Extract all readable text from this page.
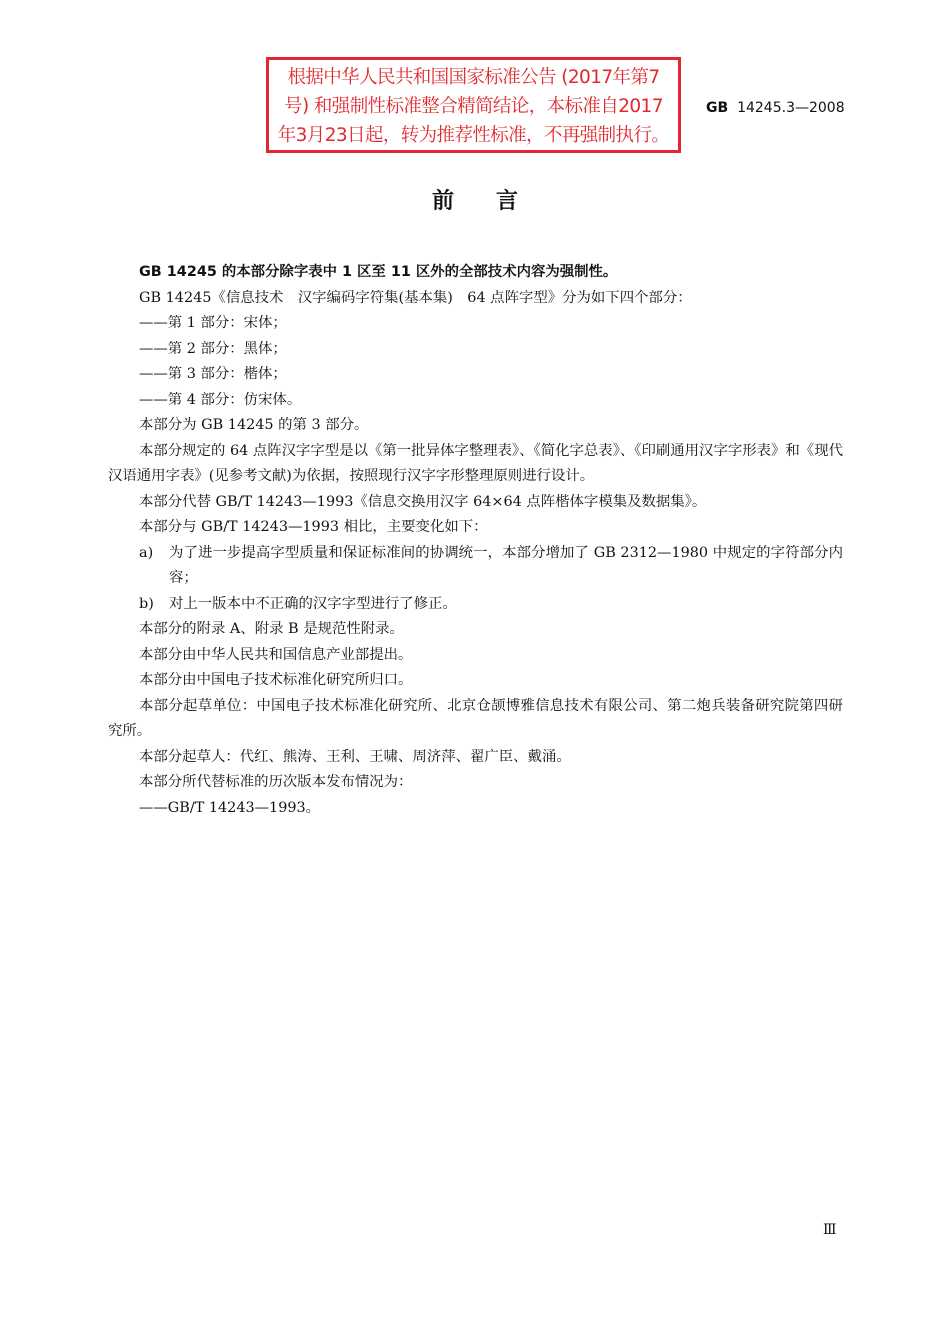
根据中华人民共和国国家标准公告 (2017年第7
号) 和强制性标准整合精简结论，本标准自2017
年3月23日起，转为推荐性标准，不再强制执行。
GB 14245.3—2008
前言

GB 14245 的本部分除字表中 1 区至 11 区外的全部技术内容为强制性。

GB 14245《信息技术　汉字编码字符集(基本集)　64 点阵字型》分为如下四个部分：

——第 1 部分：宋体；

——第 2 部分：黑体；

——第 3 部分：楷体；

——第 4 部分：仿宋体。

本部分为 GB 14245 的第 3 部分。

本部分规定的 64 点阵汉字字型是以《第一批异体字整理表》、《简化字总表》、《印刷通用汉字字形表》和《现代汉语通用字表》(见参考文献)为依据，按照现行汉字字形整理原则进行设计。

本部分代替 GB/T 14243—1993《信息交换用汉字 64×64 点阵楷体字模集及数据集》。

本部分与 GB/T 14243—1993 相比，主要变化如下：

a) 为了进一步提高字型质量和保证标准间的协调统一，本部分增加了 GB 2312—1980 中规定的字符部分内容；
b) 对上一版本中不正确的汉字字型进行了修正。

本部分的附录 A、附录 B 是规范性附录。

本部分由中华人民共和国信息产业部提出。

本部分由中国电子技术标准化研究所归口。

本部分起草单位：中国电子技术标准化研究所、北京仓颉博雅信息技术有限公司、第二炮兵装备研究院第四研究所。

本部分起草人：代红、熊涛、王利、王啸、周济萍、翟广臣、戴涌。

本部分所代替标准的历次版本发布情况为：

——GB/T 14243—1993。

Ⅲ
